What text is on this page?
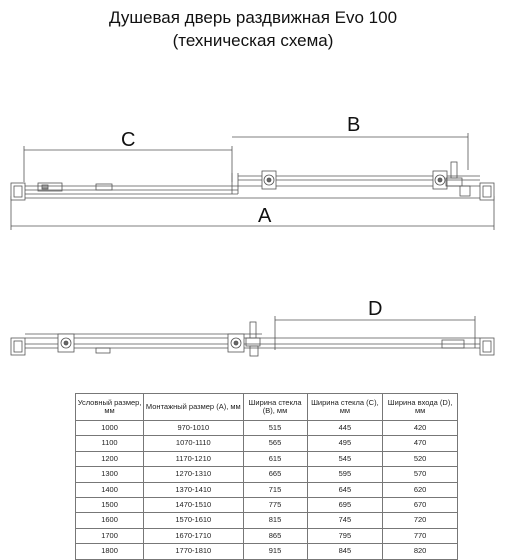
Душевая дверь раздвижная Evo 100
(техническая схема)
C
B
A
D
Условный размер, мм	Монтажный размер (A), мм	Ширина стекла (B), мм	Ширина стекла (C), мм	Ширина входа (D), мм
1000	970-1010	515	445	420
1100	1070-1110	565	495	470
1200	1170-1210	615	545	520
1300	1270-1310	665	595	570
1400	1370-1410	715	645	620
1500	1470-1510	775	695	670
1600	1570-1610	815	745	720
1700	1670-1710	865	795	770
1800	1770-1810	915	845	820
